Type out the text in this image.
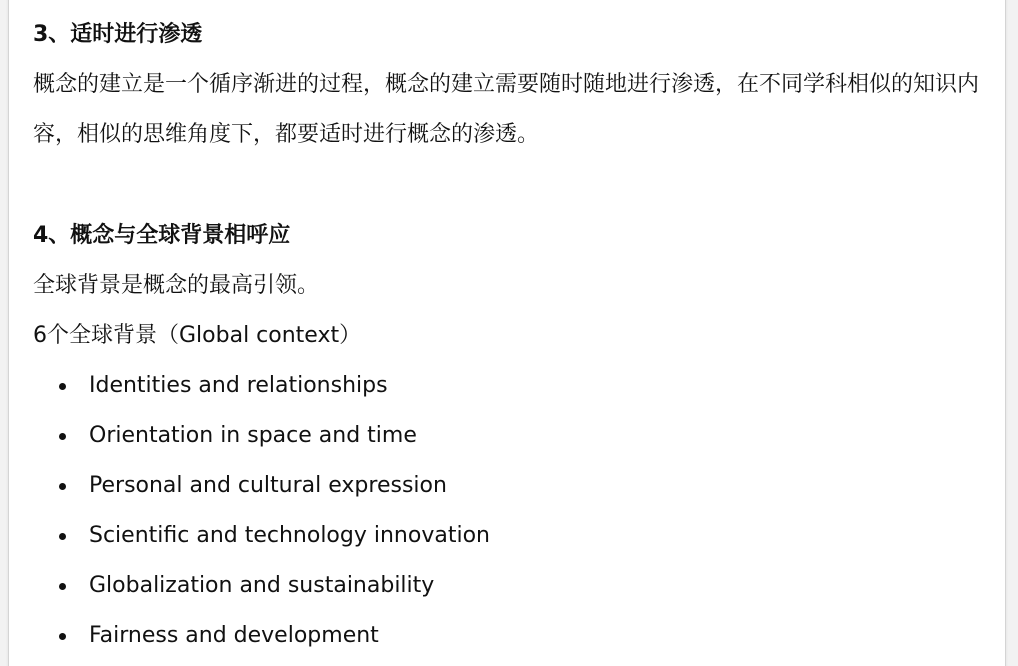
3、适时进行渗透

概念的建立是一个循序渐进的过程，概念的建立需要随时随地进行渗透，在不同学科相似的知识内容，相似的思维角度下，都要适时进行概念的渗透。

4、概念与全球背景相呼应
全球背景是概念的最高引领。
6个全球背景（Global context）
Identities and relationships
Orientation in space and time
Personal and cultural expression
Scientific and technology innovation
Globalization and sustainability
Fairness and development
